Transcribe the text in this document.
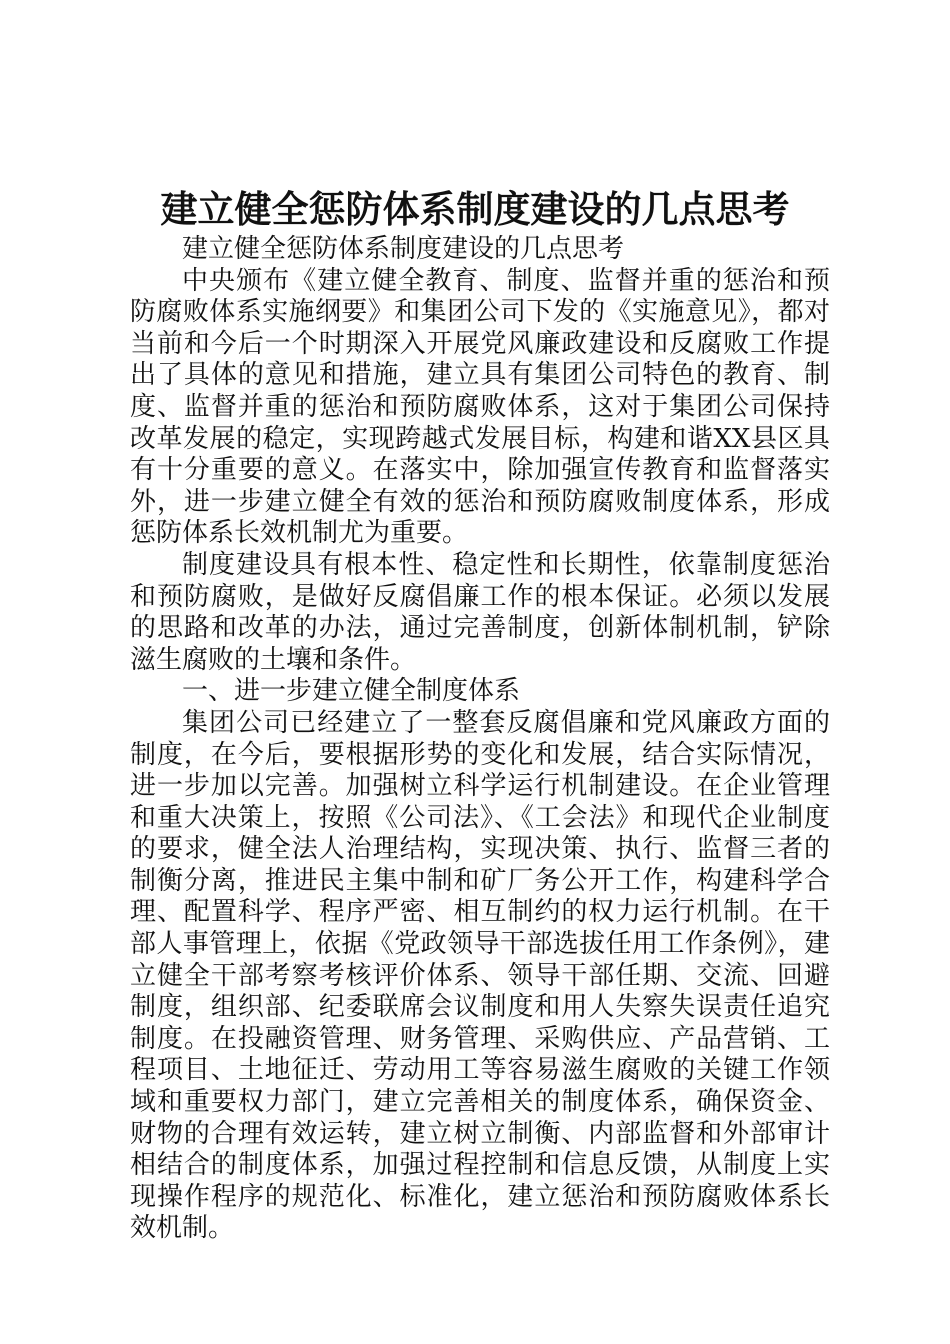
建立健全惩防体系制度建设的几点思考

建立健全惩防体系制度建设的几点思考

中央颁布《建立健全教育、制度、监督并重的惩治和预防腐败体系实施纲要》和集团公司下发的《实施意见》，都对当前和今后一个时期深入开展党风廉政建设和反腐败工作提出了具体的意见和措施，建立具有集团公司特色的教育、制度、监督并重的惩治和预防腐败体系，这对于集团公司保持改革发展的稳定，实现跨越式发展目标，构建和谐XX县区具有十分重要的意义。在落实中，除加强宣传教育和监督落实外，进一步建立健全有效的惩治和预防腐败制度体系，形成惩防体系长效机制尤为重要。

制度建设具有根本性、稳定性和长期性，依靠制度惩治和预防腐败，是做好反腐倡廉工作的根本保证。必须以发展的思路和改革的办法，通过完善制度，创新体制机制，铲除滋生腐败的土壤和条件。

一、进一步建立健全制度体系

集团公司已经建立了一整套反腐倡廉和党风廉政方面的制度，在今后，要根据形势的变化和发展，结合实际情况，进一步加以完善。加强树立科学运行机制建设。在企业管理和重大决策上，按照《公司法》、《工会法》和现代企业制度的要求，健全法人治理结构，实现决策、执行、监督三者的制衡分离，推进民主集中制和矿厂务公开工作，构建科学合理、配置科学、程序严密、相互制约的权力运行机制。在干部人事管理上，依据《党政领导干部选拔任用工作条例》，建立健全干部考察考核评价体系、领导干部任期、交流、回避制度，组织部、纪委联席会议制度和用人失察失误责任追究制度。在投融资管理、财务管理、采购供应、产品营销、工程项目、土地征迁、劳动用工等容易滋生腐败的关键工作领域和重要权力部门，建立完善相关的制度体系，确保资金、财物的合理有效运转，建立树立制衡、内部监督和外部审计相结合的制度体系，加强过程控制和信息反馈，从制度上实现操作程序的规范化、标准化，建立惩治和预防腐败体系长效机制。
